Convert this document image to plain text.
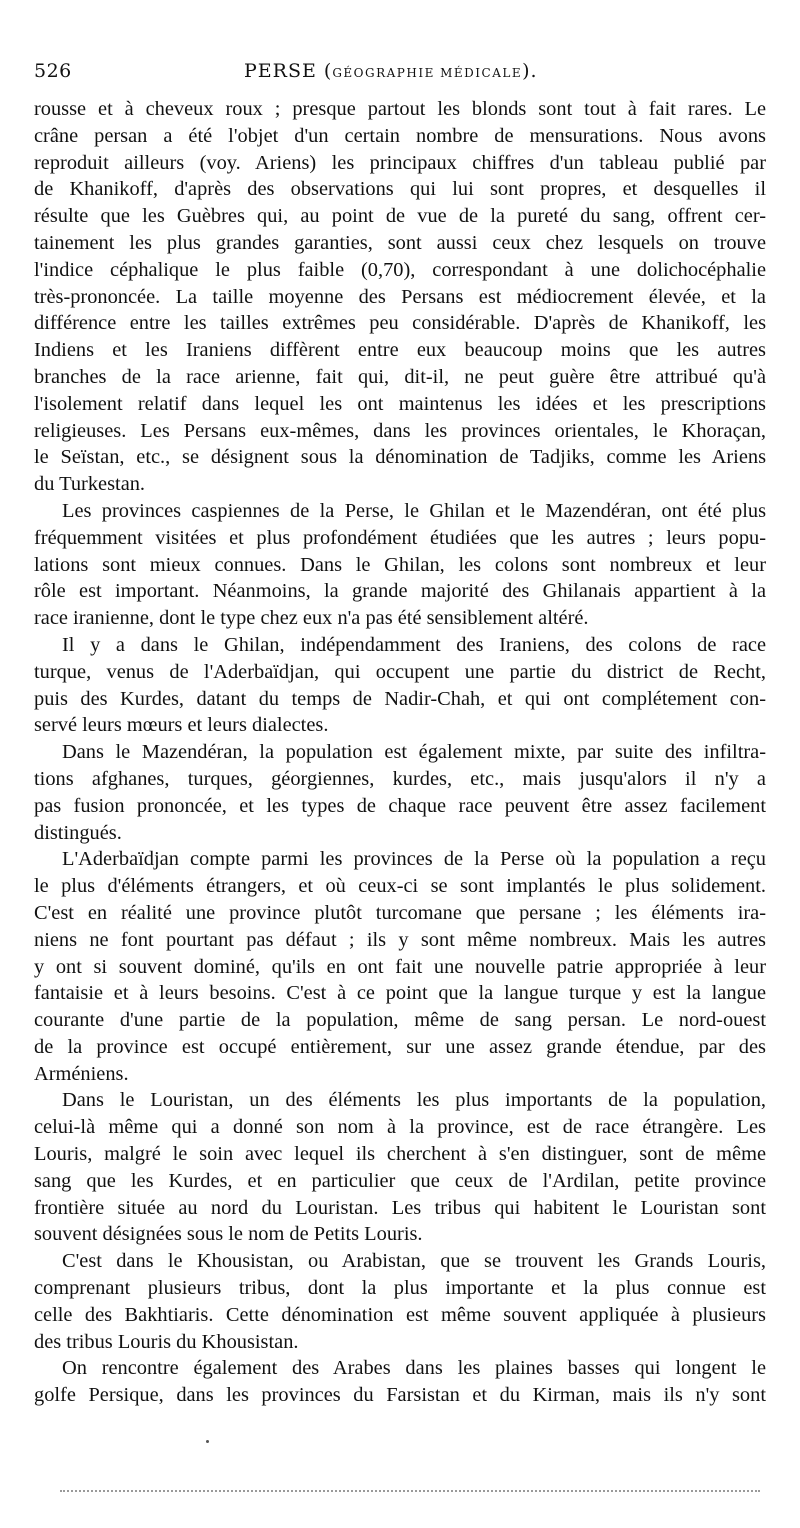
526	PERSE (GÉOGRAPHIE MÉDICALE).
rousse et à cheveux roux ; presque partout les blonds sont tout à fait rares. Le
crâne persan a été l'objet d'un certain nombre de mensurations. Nous avons
reproduit ailleurs (voy. Ariens) les principaux chiffres d'un tableau publié par
de Khanikoff, d'après des observations qui lui sont propres, et desquelles il
résulte que les Guèbres qui, au point de vue de la pureté du sang, offrent cer-
tainement les plus grandes garanties, sont aussi ceux chez lesquels on trouve
l'indice céphalique le plus faible (0,70), correspondant à une dolichocéphalie
très-prononcée. La taille moyenne des Persans est médiocrement élevée, et la
différence entre les tailles extrêmes peu considérable. D'après de Khanikoff, les
Indiens et les Iraniens diffèrent entre eux beaucoup moins que les autres
branches de la race arienne, fait qui, dit-il, ne peut guère être attribué qu'à
l'isolement relatif dans lequel les ont maintenus les idées et les prescriptions
religieuses. Les Persans eux-mêmes, dans les provinces orientales, le Khoraçan,
le Seïstan, etc., se désignent sous la dénomination de Tadjiks, comme les Ariens
du Turkestan.
Les provinces caspiennes de la Perse, le Ghilan et le Mazendéran, ont été plus
fréquemment visitées et plus profondément étudiées que les autres ; leurs popu-
lations sont mieux connues. Dans le Ghilan, les colons sont nombreux et leur
rôle est important. Néanmoins, la grande majorité des Ghilanais appartient à la
race iranienne, dont le type chez eux n'a pas été sensiblement altéré.
Il y a dans le Ghilan, indépendamment des Iraniens, des colons de race
turque, venus de l'Aderbaïdjan, qui occupent une partie du district de Recht,
puis des Kurdes, datant du temps de Nadir-Chah, et qui ont complétement con-
servé leurs mœurs et leurs dialectes.
Dans le Mazendéran, la population est également mixte, par suite des infiltra-
tions afghanes, turques, géorgiennes, kurdes, etc., mais jusqu'alors il n'y a
pas fusion prononcée, et les types de chaque race peuvent être assez facilement
distingués.
L'Aderbaïdjan compte parmi les provinces de la Perse où la population a reçu
le plus d'éléments étrangers, et où ceux-ci se sont implantés le plus solidement.
C'est en réalité une province plutôt turcomane que persane ; les éléments ira-
niens ne font pourtant pas défaut ; ils y sont même nombreux. Mais les autres
y ont si souvent dominé, qu'ils en ont fait une nouvelle patrie appropriée à leur
fantaisie et à leurs besoins. C'est à ce point que la langue turque y est la langue
courante d'une partie de la population, même de sang persan. Le nord-ouest
de la province est occupé entièrement, sur une assez grande étendue, par des
Arméniens.
Dans le Louristan, un des éléments les plus importants de la population,
celui-là même qui a donné son nom à la province, est de race étrangère. Les
Louris, malgré le soin avec lequel ils cherchent à s'en distinguer, sont de même
sang que les Kurdes, et en particulier que ceux de l'Ardilan, petite province
frontière située au nord du Louristan. Les tribus qui habitent le Louristan sont
souvent désignées sous le nom de Petits Louris.
C'est dans le Khousistan, ou Arabistan, que se trouvent les Grands Louris,
comprenant plusieurs tribus, dont la plus importante et la plus connue est
celle des Bakhtiaris. Cette dénomination est même souvent appliquée à plusieurs
des tribus Louris du Khousistan.
On rencontre également des Arabes dans les plaines basses qui longent le
golfe Persique, dans les provinces du Farsistan et du Kirman, mais ils n'y sont
